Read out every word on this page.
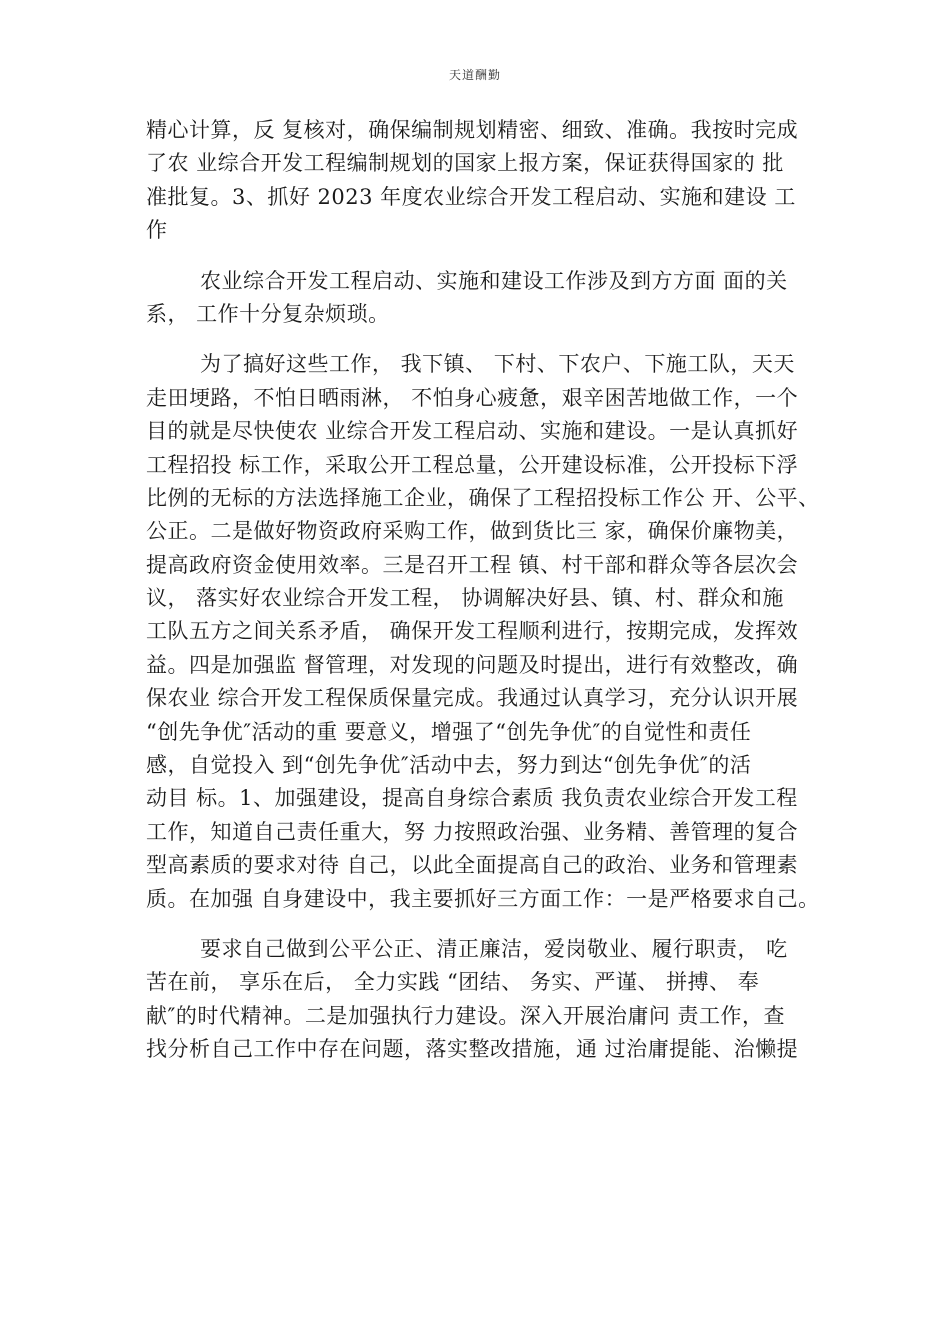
天道酬勤
精心计算，反 复核对，确保编制规划精密、细致、准确。我按时完成
了农 业综合开发工程编制规划的国家上报方案，保证获得国家的 批
准批复。3、抓好 2023 年度农业综合开发工程启动、实施和建设 工
作
农业综合开发工程启动、实施和建设工作涉及到方方面 面的关
系， 工作十分复杂烦琐。
为了搞好这些工作， 我下镇、 下村、下农户、下施工队，天天
走田埂路，不怕日晒雨淋， 不怕身心疲惫，艰辛困苦地做工作，一个
目的就是尽快使农 业综合开发工程启动、实施和建设。一是认真抓好
工程招投 标工作，采取公开工程总量，公开建设标准，公开投标下浮
比例的无标的方法选择施工企业，确保了工程招投标工作公 开、公平、
公正。二是做好物资政府采购工作，做到货比三 家，确保价廉物美，
提高政府资金使用效率。三是召开工程 镇、村干部和群众等各层次会
议， 落实好农业综合开发工程， 协调解决好县、镇、村、群众和施
工队五方之间关系矛盾， 确保开发工程顺利进行，按期完成，发挥效
益。四是加强监 督管理，对发现的问题及时提出，进行有效整改，确
保农业 综合开发工程保质保量完成。我通过认真学习，充分认识开展
“创先争优″活动的重 要意义，增强了“创先争优″的自觉性和责任
感，自觉投入 到“创先争优″活动中去，努力到达“创先争优″的活
动目 标。1、加强建设，提高自身综合素质 我负责农业综合开发工程
工作，知道自己责任重大，努 力按照政治强、业务精、善管理的复合
型高素质的要求对待 自己，以此全面提高自己的政治、业务和管理素
质。在加强 自身建设中，我主要抓好三方面工作：一是严格要求自己。
要求自己做到公平公正、清正廉洁，爱岗敬业、履行职责， 吃
苦在前， 享乐在后， 全力实践 “团结、 务实、严谨、 拼搏、 奉
献″的时代精神。二是加强执行力建设。深入开展治庸问 责工作，查
找分析自己工作中存在问题，落实整改措施，通 过治庸提能、治懒提
